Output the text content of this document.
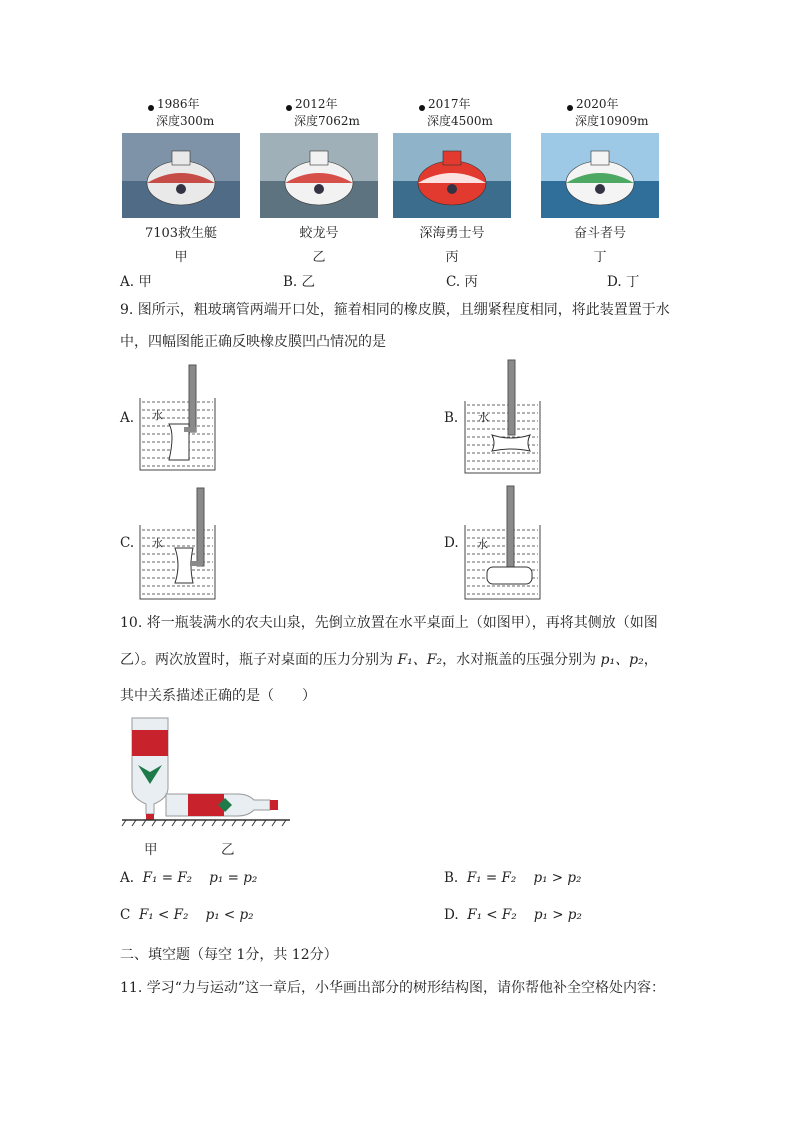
1986年
深度300m
7103救生艇
甲
2012年
深度7062m
蛟龙号
乙
2017年
深度4500m
深海勇士号
丙
2020年
深度10909m
奋斗者号
丁
A. 甲	B. 乙	C. 丙	D. 丁
9. 图所示，粗玻璃管两端开口处，箍着相同的橡皮膜，且绷紧程度相同，将此装置置于水
中，四幅图能正确反映橡皮膜凹凸情况的是
A.	B.
C.	D.
水	水
水	水
10. 将一瓶装满水的农夫山泉，先倒立放置在水平桌面上（如图甲），再将其侧放（如图
乙）。两次放置时，瓶子对桌面的压力分别为 F₁、F₂，水对瓶盖的压强分别为 p₁、p₂，
其中关系描述正确的是（　　）
甲	乙
A. F₁ = F₂ p₁ = p₂	B. F₁ = F₂ p₁ > p₂
C F₁ < F₂ p₁ < p₂	D. F₁ < F₂ p₁ > p₂
二、填空题（每空 1分，共 12分）
11. 学习“力与运动”这一章后，小华画出部分的树形结构图，请你帮他补全空格处内容：
